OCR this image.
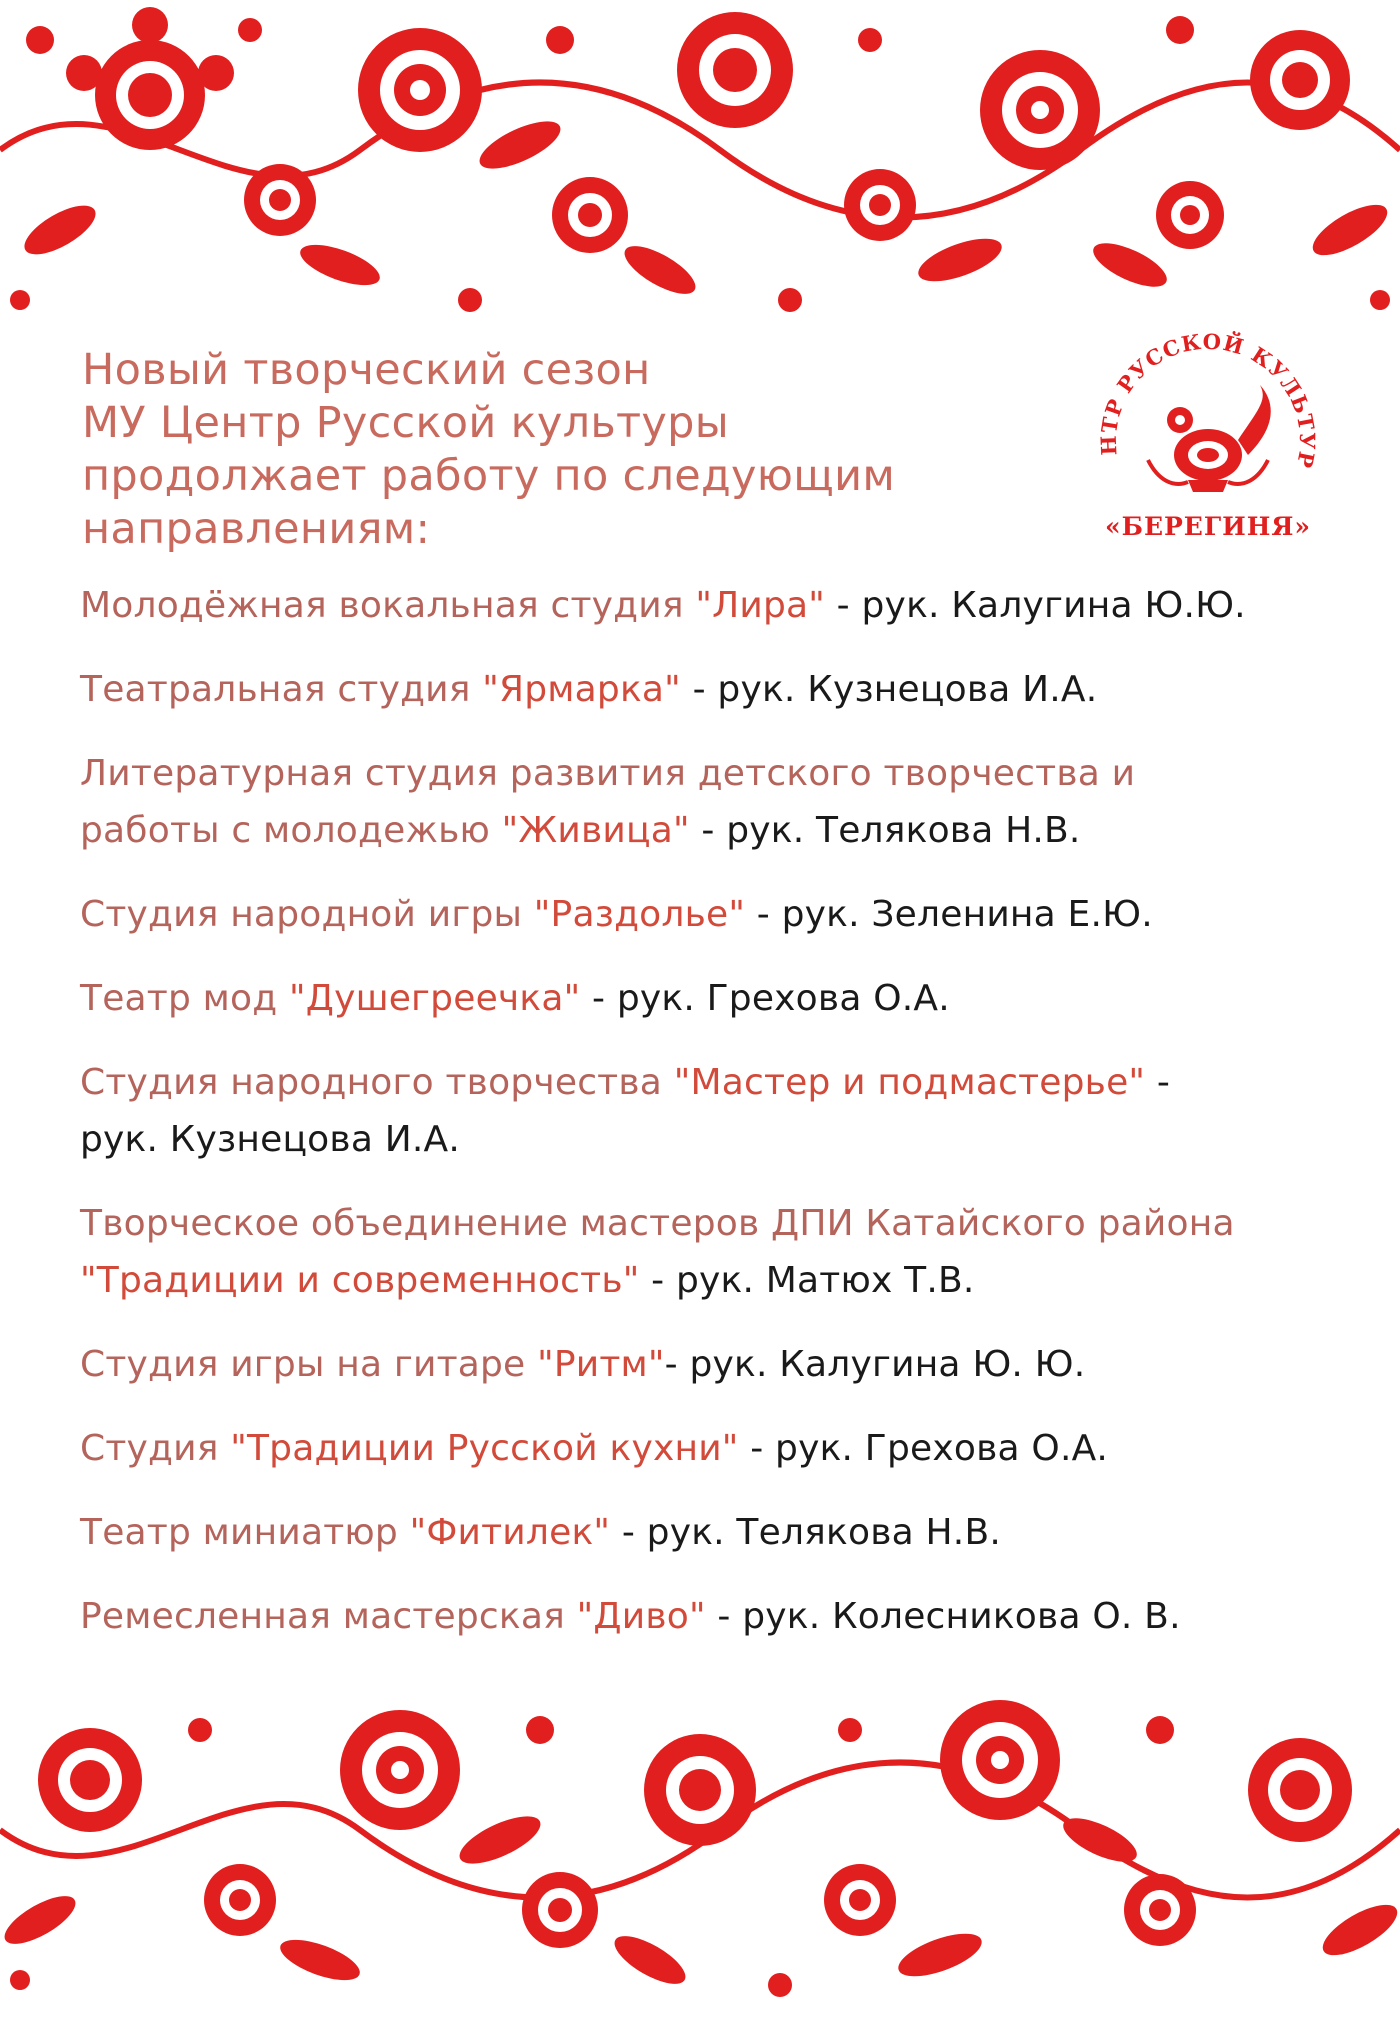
Новый творческий сезон
МУ Центр Русской культуры
продолжает работу по следующим
направлениям:
НТР РУССКОЙ КУЛЬТУР
«БЕРЕГИНЯ»
Молодёжная вокальная студия "Лира" - рук. Калугина Ю.Ю.
Театральная студия "Ярмарка" - рук. Кузнецова И.А.
Литературная студия развития детского творчества и
работы с молодежью "Живица" - рук. Телякова Н.В.
Студия народной игры "Раздолье" - рук. Зеленина Е.Ю.
Театр мод "Душегреечка" - рук. Грехова О.А.
Студия народного творчества "Мастер и подмастерье" -
рук. Кузнецова И.А.
Творческое объединение мастеров ДПИ Катайского района
"Традиции и современность" - рук. Матюх Т.В.
Студия игры на гитаре "Ритм"- рук. Калугина Ю. Ю.
Студия "Традиции Русской кухни" - рук. Грехова О.А.
Театр миниатюр "Фитилек" - рук. Телякова Н.В.
Ремесленная мастерская "Диво" - рук. Колесникова О. В.
